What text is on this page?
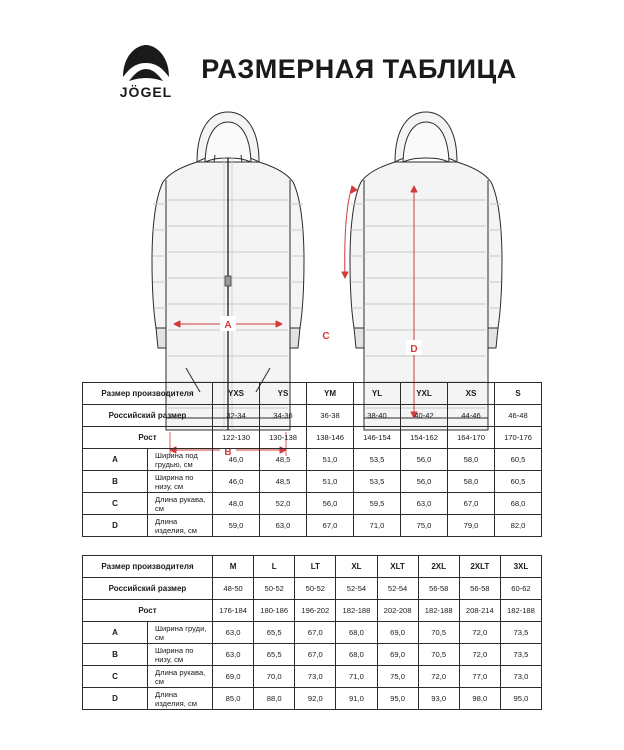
JÖGEL
РАЗМЕРНАЯ ТАБЛИЦА
A
B
C
D
Размер производителя		YXS	YS	YM	YL	YXL	XS	S
Российский размер		32-34	34-36	36-38	38-40	40-42	44-46	46-48
Рост		122-130	130-138	138-146	146-154	154-162	164-170	170-176
A	Ширина под грудью, см	46,0	48,5	51,0	53,5	56,0	58,0	60,5
B	Ширина по низу, см	46,0	48,5	51,0	53,5	56,0	58,0	60,5
C	Длина рукава, см	48,0	52,0	56,0	59,5	63,0	67,0	68,0
D	Длина изделия, см	59,0	63,0	67,0	71,0	75,0	79,0	82,0
Размер производителя		M	L	LT	XL	XLT	2XL	2XLT	3XL
Российский размер		48-50	50-52	50-52	52-54	52-54	56-58	56-58	60-62
Рост		176-184	180-186	196-202	182-188	202-208	182-188	208-214	182-188
A	Ширина груди, см	63,0	65,5	67,0	68,0	69,0	70,5	72,0	73,5
B	Ширина по низу, см	63,0	65,5	67,0	68,0	69,0	70,5	72,0	73,5
C	Длина рукава, см	69,0	70,0	73,0	71,0	75,0	72,0	77,0	73,0
D	Длина изделия, см	85,0	88,0	92,0	91,0	95,0	93,0	98,0	95,0
